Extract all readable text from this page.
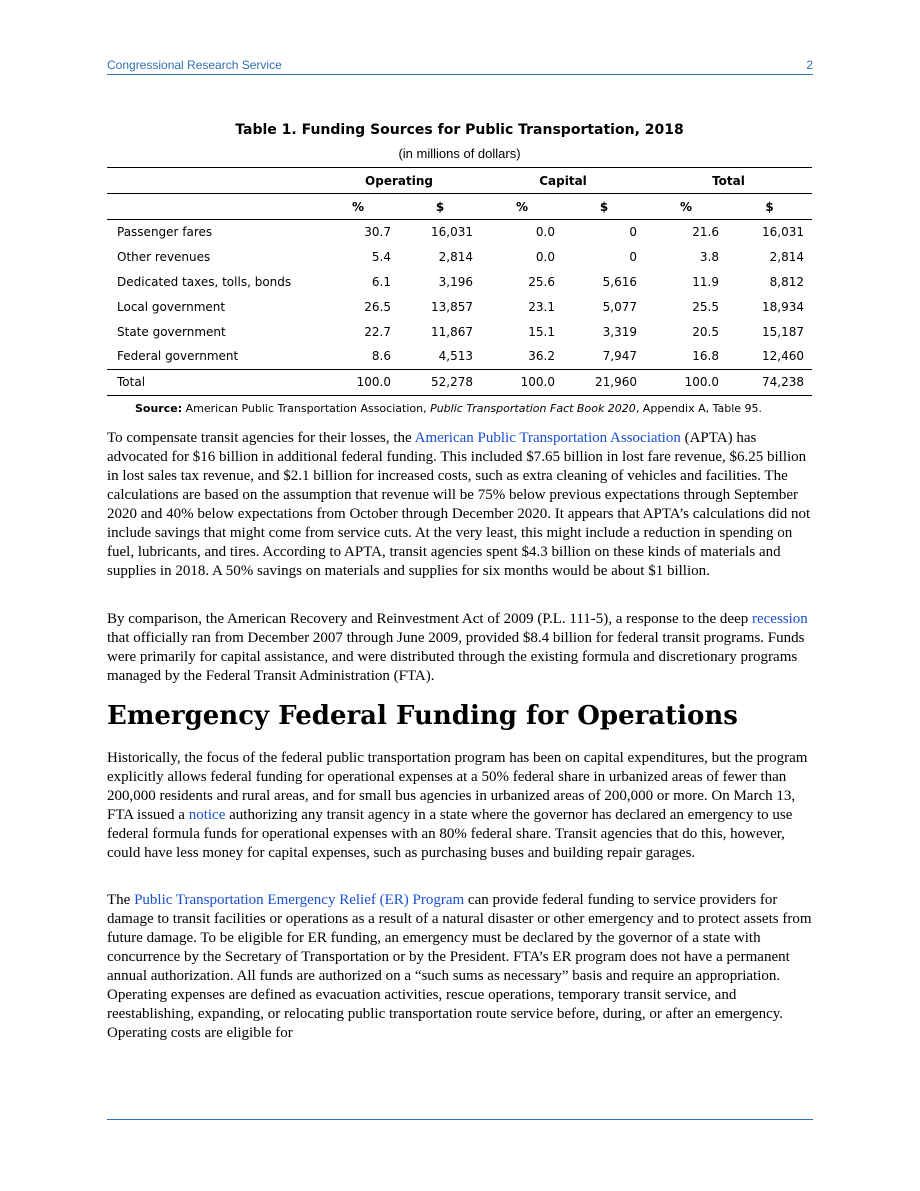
Congressional Research Service	2
Table 1. Funding Sources for Public Transportation, 2018
(in millions of dollars)
	Operating		Capital		Total	
	%	$	%	$	%	$
Passenger fares	30.7	16,031	0.0	0	21.6	16,031
Other revenues	5.4	2,814	0.0	0	3.8	2,814
Dedicated taxes, tolls, bonds	6.1	3,196	25.6	5,616	11.9	8,812
Local government	26.5	13,857	23.1	5,077	25.5	18,934
State government	22.7	11,867	15.1	3,319	20.5	15,187
Federal government	8.6	4,513	36.2	7,947	16.8	12,460
Total	100.0	52,278	100.0	21,960	100.0	74,238
Source: American Public Transportation Association, Public Transportation Fact Book 2020, Appendix A, Table 95.

To compensate transit agencies for their losses, the American Public Transportation Association (APTA) has advocated for $16 billion in additional federal funding. This included $7.65 billion in lost fare revenue, $6.25 billion in lost sales tax revenue, and $2.1 billion for increased costs, such as extra cleaning of vehicles and facilities. The calculations are based on the assumption that revenue will be 75% below previous expectations through September 2020 and 40% below expectations from October through December 2020. It appears that APTA’s calculations did not include savings that might come from service cuts. At the very least, this might include a reduction in spending on fuel, lubricants, and tires. According to APTA, transit agencies spent $4.3 billion on these kinds of materials and supplies in 2018. A 50% savings on materials and supplies for six months would be about $1 billion.

By comparison, the American Recovery and Reinvestment Act of 2009 (P.L. 111-5), a response to the deep recession that officially ran from December 2007 through June 2009, provided $8.4 billion for federal transit programs. Funds were primarily for capital assistance, and were distributed through the existing formula and discretionary programs managed by the Federal Transit Administration (FTA).

Emergency Federal Funding for Operations

Historically, the focus of the federal public transportation program has been on capital expenditures, but the program explicitly allows federal funding for operational expenses at a 50% federal share in urbanized areas of fewer than 200,000 residents and rural areas, and for small bus agencies in urbanized areas of 200,000 or more. On March 13, FTA issued a notice authorizing any transit agency in a state where the governor has declared an emergency to use federal formula funds for operational expenses with an 80% federal share. Transit agencies that do this, however, could have less money for capital expenses, such as purchasing buses and building repair garages.

The Public Transportation Emergency Relief (ER) Program can provide federal funding to service providers for damage to transit facilities or operations as a result of a natural disaster or other emergency and to protect assets from future damage. To be eligible for ER funding, an emergency must be declared by the governor of a state with concurrence by the Secretary of Transportation or by the President. FTA’s ER program does not have a permanent annual authorization. All funds are authorized on a “such sums as necessary” basis and require an appropriation. Operating expenses are defined as evacuation activities, rescue operations, temporary transit service, and reestablishing, expanding, or relocating public transportation route service before, during, or after an emergency. Operating costs are eligible for
